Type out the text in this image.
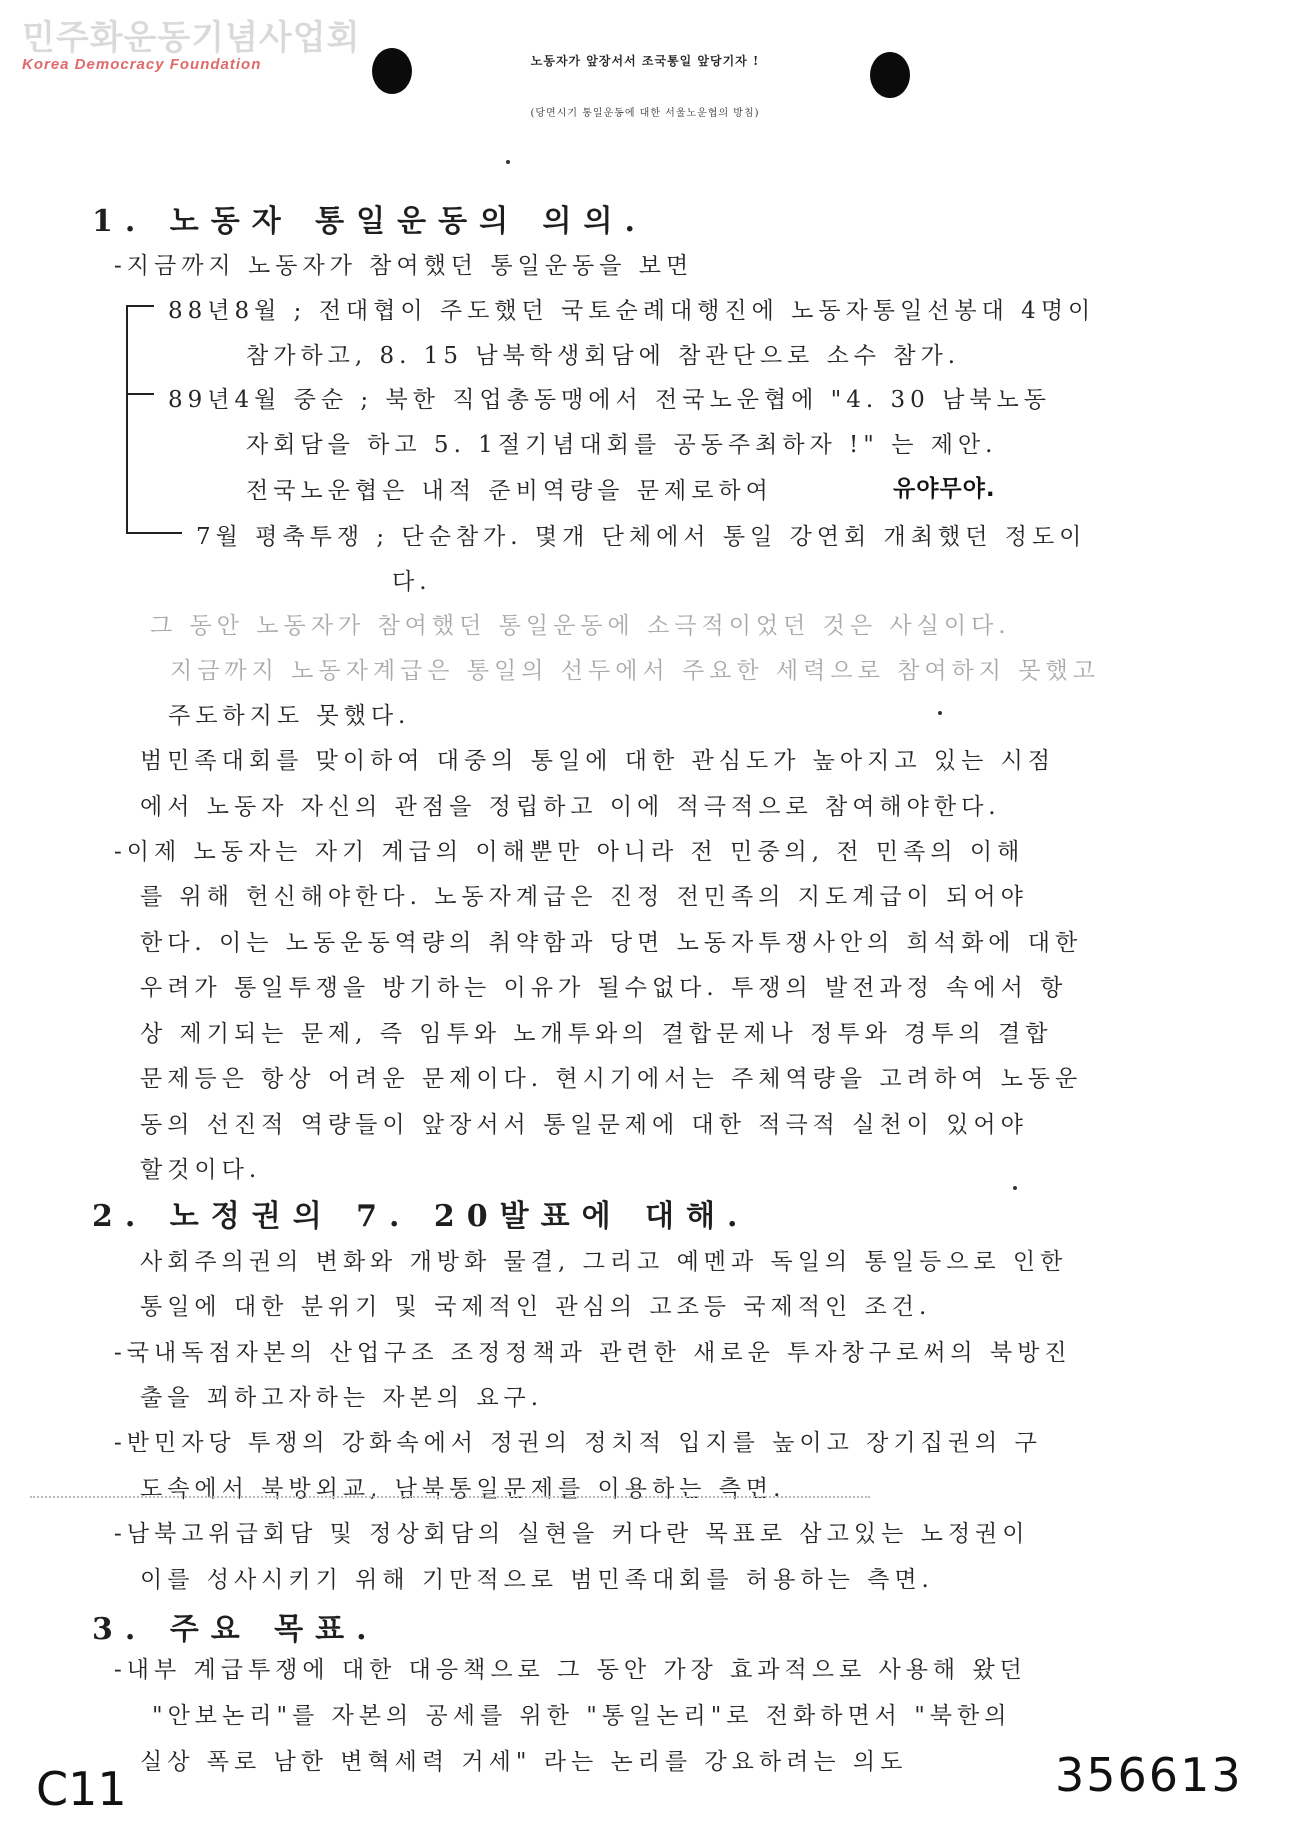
민주화운동기념사업회
Korea Democracy Foundation	노동자가 앞장서서 조국통일 앞당기자 !
(당면시기 통일운동에 대한 서울노운협의 방침)
1. 노동자 통일운동의 의의.
-지금까지 노동자가 참여했던 통일운동을 보면
88년8월 ; 전대협이 주도했던 국토순례대행진에 노동자통일선봉대 4명이
참가하고, 8. 15 남북학생회담에 참관단으로 소수 참가.
89년4월 중순 ; 북한 직업총동맹에서 전국노운협에 "4. 30 남북노동
자회담을 하고 5. 1절기념대회를 공동주최하자 !" 는 제안.
전국노운협은 내적 준비역량을 문제로하여	유야무야.
7월 평축투쟁 ; 단순참가. 몇개 단체에서 통일 강연회 개최했던 정도이
다.
그 동안 노동자가 참여했던 통일운동에 소극적이었던 것은 사실이다.
지금까지 노동자계급은 통일의 선두에서 주요한 세력으로 참여하지 못했고
주도하지도 못했다.
범민족대회를 맞이하여 대중의 통일에 대한 관심도가 높아지고 있는 시점
에서 노동자 자신의 관점을 정립하고 이에 적극적으로 참여해야한다.
-이제 노동자는 자기 계급의 이해뿐만 아니라 전 민중의, 전 민족의 이해
를 위해 헌신해야한다. 노동자계급은 진정 전민족의 지도계급이 되어야
한다. 이는 노동운동역량의 취약함과 당면 노동자투쟁사안의 희석화에 대한
우려가 통일투쟁을 방기하는 이유가 될수없다. 투쟁의 발전과정 속에서 항
상 제기되는 문제, 즉 임투와 노개투와의 결합문제나 정투와 경투의 결합
문제등은 항상 어려운 문제이다. 현시기에서는 주체역량을 고려하여 노동운
동의 선진적 역량들이 앞장서서 통일문제에 대한 적극적 실천이 있어야
할것이다.
2. 노정권의 7. 20발표에 대해.
사회주의권의 변화와 개방화 물결, 그리고 예멘과 독일의 통일등으로 인한
통일에 대한 분위기 및 국제적인 관심의 고조등 국제적인 조건.
-국내독점자본의 산업구조 조정정책과 관련한 새로운 투자창구로써의 북방진
출을 꾀하고자하는 자본의 요구.
-반민자당 투쟁의 강화속에서 정권의 정치적 입지를 높이고 장기집권의 구
도속에서 북방외교, 남북통일문제를 이용하는 측면.
-남북고위급회담 및 정상회담의 실현을 커다란 목표로 삼고있는 노정권이
이를 성사시키기 위해 기만적으로 범민족대회를 허용하는 측면.
3. 주요 목표.
-내부 계급투쟁에 대한 대응책으로 그 동안 가장 효과적으로 사용해 왔던
"안보논리"를 자본의 공세를 위한 "통일논리"로 전화하면서 "북한의
실상 폭로 남한 변혁세력 거세" 라는 논리를 강요하려는 의도
C11	356613
